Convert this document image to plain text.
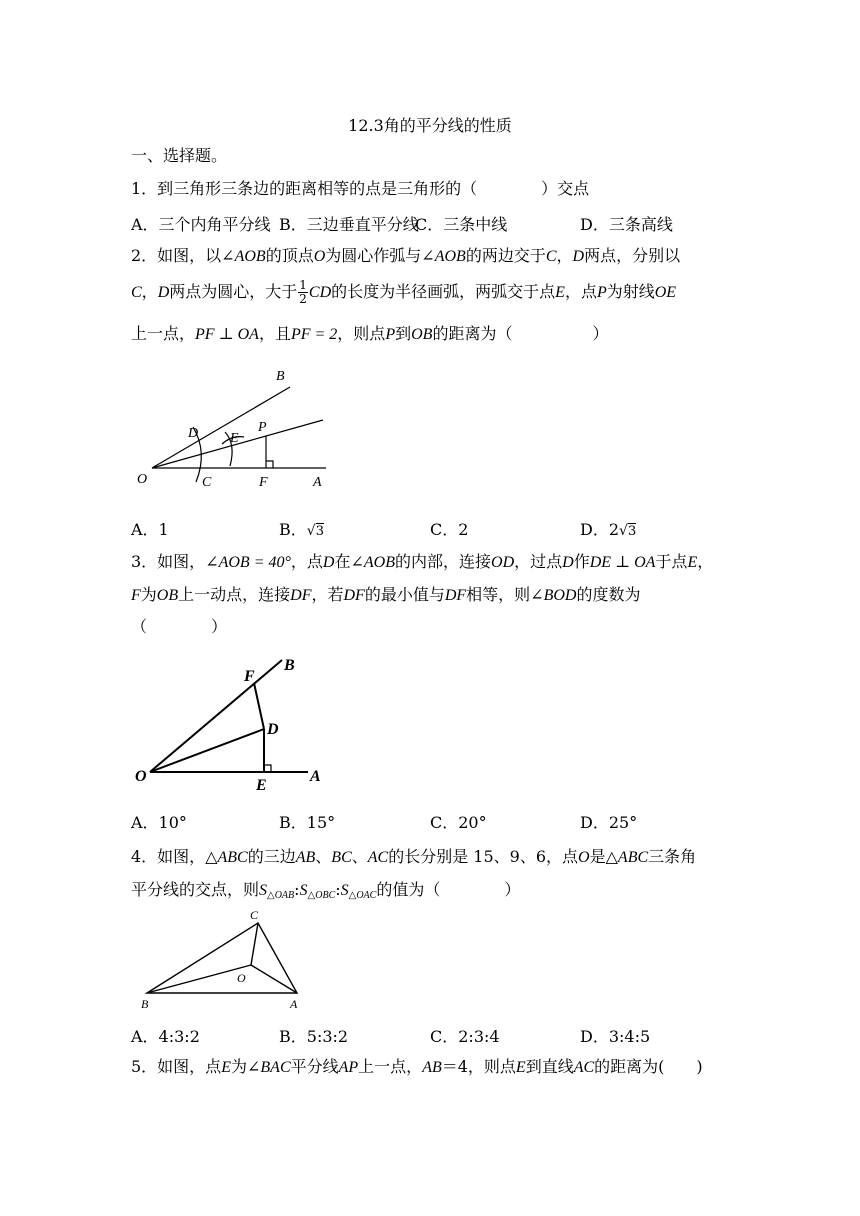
12.3角的平分线的性质
一、选择题。
1．到三角形三条边的距离相等的点是三角形的（　　　　）交点
A．三个内角平分线 B．三边垂直平分线
C．三条中线	D．三条高线
2．如图，以∠AOB的顶点O为圆心作弧与∠AOB的两边交于C，D两点，分别以
C，D两点为圆心，大于 $\frac{1}{2}$ CD的长度为半径画弧，两弧交于点E，点P为射线OE
上一点，PF ⊥ OA，且PF = 2，则点P到OB的距离为（　　　　　）
B
D E
P
O	C	F	A
A．1	B．√3	C．2	D．2√3
3．如图，∠AOB = 40°，点D在∠AOB的内部，连接OD，过点D作DE ⊥ OA于点E，
F为OB上一动点，连接DF，若DF的最小值与DF相等，则∠BOD的度数为
（　　　　）
F
B
D
O
E
A
A．10°	B．15°	C．20°	D．25°
4．如图，△ABC的三边AB、BC、AC的长分别是 15、9、6，点O是△ABC三条角
平分线的交点，则$S_{\triangle OAB}:S_{\triangle OBC}:S_{\triangle OAC}$的值为（　　　　）
C
O
B	A
A．4:3:2	B．5:3:2	C．2:3:4	D．3:4:5
5．如图，点E为∠BAC平分线AP上一点，AB＝4，则点E到直线AC的距离为(　　)
